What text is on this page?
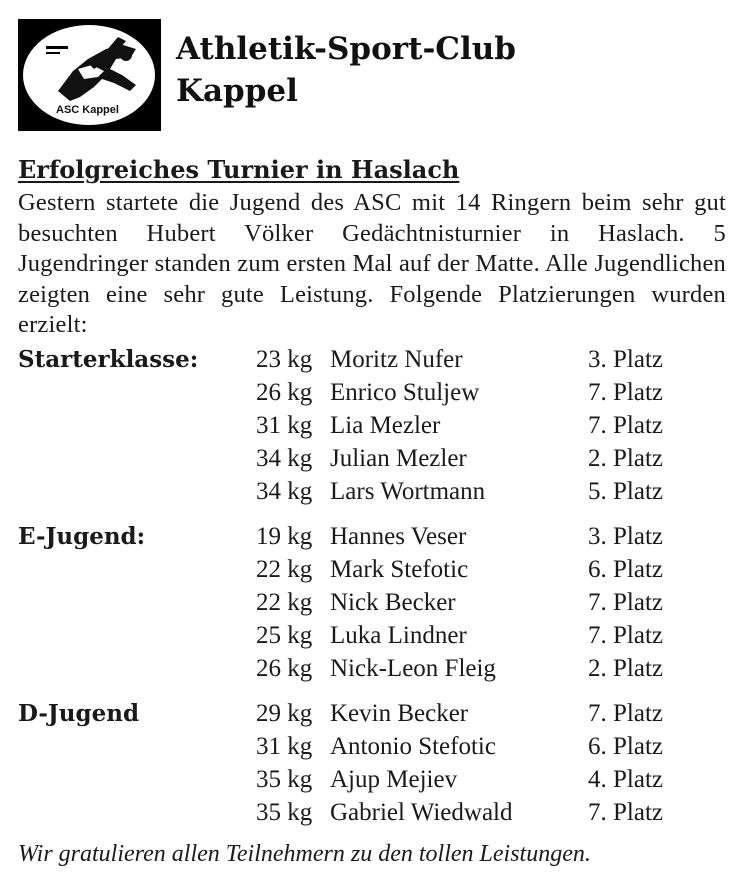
ASC Kappel
Athletik-Sport-Club
Kappel
Erfolgreiches Turnier in Haslach

Gestern startete die Jugend des ASC mit 14 Ringern beim sehr gut besuchten Hubert Völker Gedächtnisturnier in Haslach. 5 Jugendringer standen zum ersten Mal auf der Matte. Alle Jugendlichen zeigten eine sehr gute Leistung. Folgende Platzierungen wurden erzielt:

Starterklasse: 23 kg Moritz Nufer	3. Platz
26 kg Enrico Stuljew	7. Platz
31 kg Lia Mezler	7. Platz
34 kg Julian Mezler	2. Platz
34 kg Lars Wortmann	5. Platz
E-Jugend:	19 kg Hannes Veser	3. Platz
22 kg Mark Stefotic	6. Platz
22 kg Nick Becker	7. Platz
25 kg Luka Lindner	7. Platz
26 kg Nick-Leon Fleig	2. Platz
D-Jugend	29 kg Kevin Becker	7. Platz
31 kg Antonio Stefotic	6. Platz
35 kg Ajup Mejiev	4. Platz
35 kg Gabriel Wiedwald	7. Platz
Wir gratulieren allen Teilnehmern zu den tollen Leistungen.
